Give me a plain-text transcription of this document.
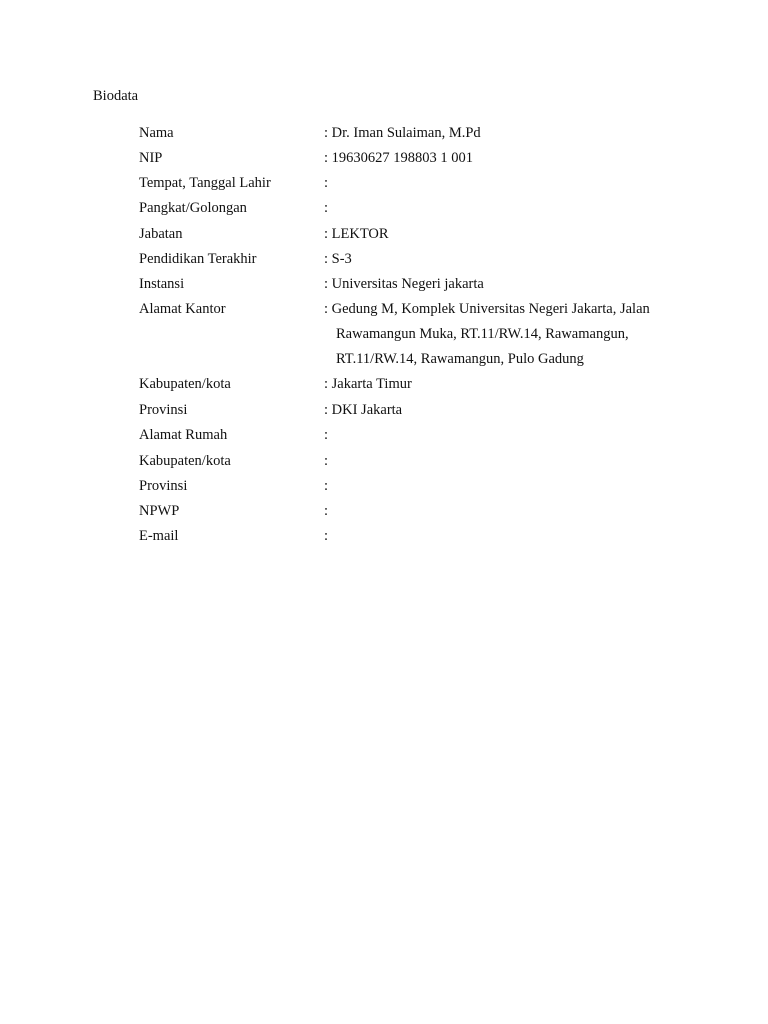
Biodata
Nama	: Dr. Iman Sulaiman, M.Pd
NIP	: 19630627 198803 1 001
Tempat, Tanggal Lahir	:
Pangkat/Golongan	:
Jabatan	: LEKTOR
Pendidikan Terakhir	: S-3
Instansi	: Universitas Negeri jakarta
Alamat Kantor	: Gedung M, Komplek Universitas Negeri Jakarta, Jalan
Rawamangun Muka, RT.11/RW.14, Rawamangun,
RT.11/RW.14, Rawamangun, Pulo Gadung
Kabupaten/kota	: Jakarta Timur
Provinsi	: DKI Jakarta
Alamat Rumah	:
Kabupaten/kota	:
Provinsi	:
NPWP	:
E-mail	:
